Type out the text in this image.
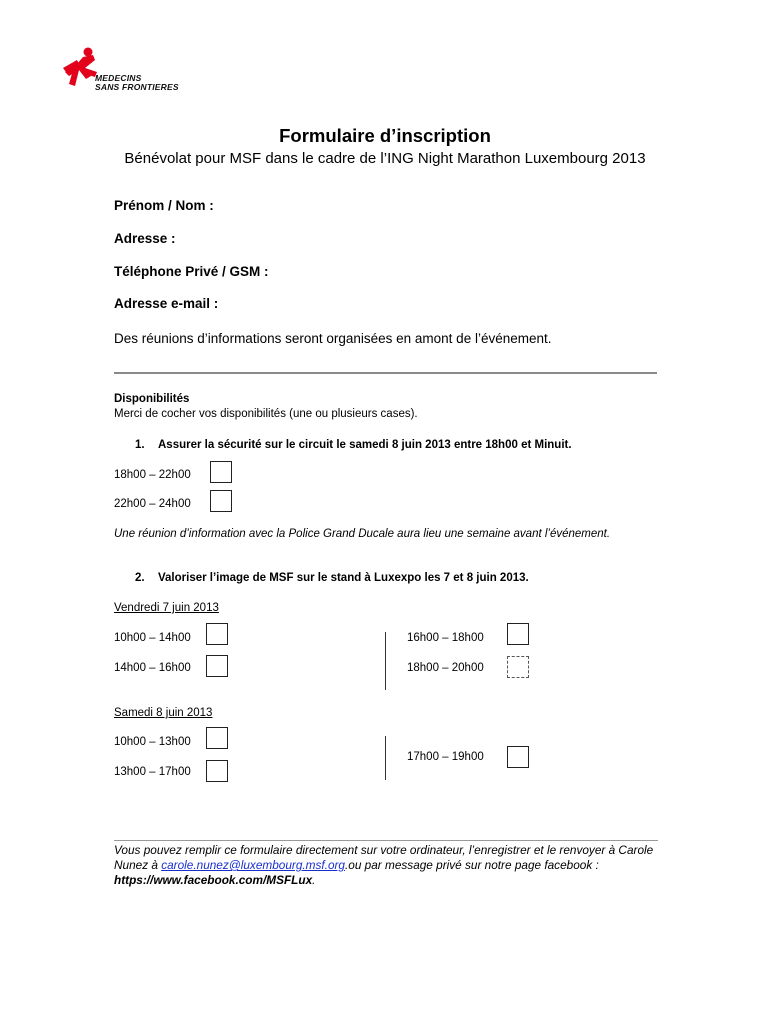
MEDECINS
SANS FRONTIERES
Formulaire d’inscription
Bénévolat pour MSF dans le cadre de l’ING Night Marathon Luxembourg 2013
Prénom / Nom :
Adresse :
Téléphone Privé / GSM :
Adresse e-mail :
Des réunions d’informations seront organisées en amont de l’événement.
Disponibilités
Merci de cocher vos disponibilités (une ou plusieurs cases).
1. Assurer la sécurité sur le circuit le samedi 8 juin 2013 entre 18h00 et Minuit.
18h00 – 22h00
22h00 – 24h00
Une réunion d’information avec la Police Grand Ducale aura lieu une semaine avant l’événement.
2. Valoriser l’image de MSF sur le stand à Luxexpo les 7 et 8 juin 2013.
Vendredi 7 juin 2013
10h00 – 14h00
14h00 – 16h00
16h00 – 18h00
18h00 – 20h00
Samedi 8 juin 2013
10h00 – 13h00
13h00 – 17h00
17h00 – 19h00
Vous pouvez remplir ce formulaire directement sur votre ordinateur, l’enregistrer et le renvoyer à Carole Nunez à carole.nunez@luxembourg.msf.org.ou par message privé sur notre page facebook : https://www.facebook.com/MSFLux.
